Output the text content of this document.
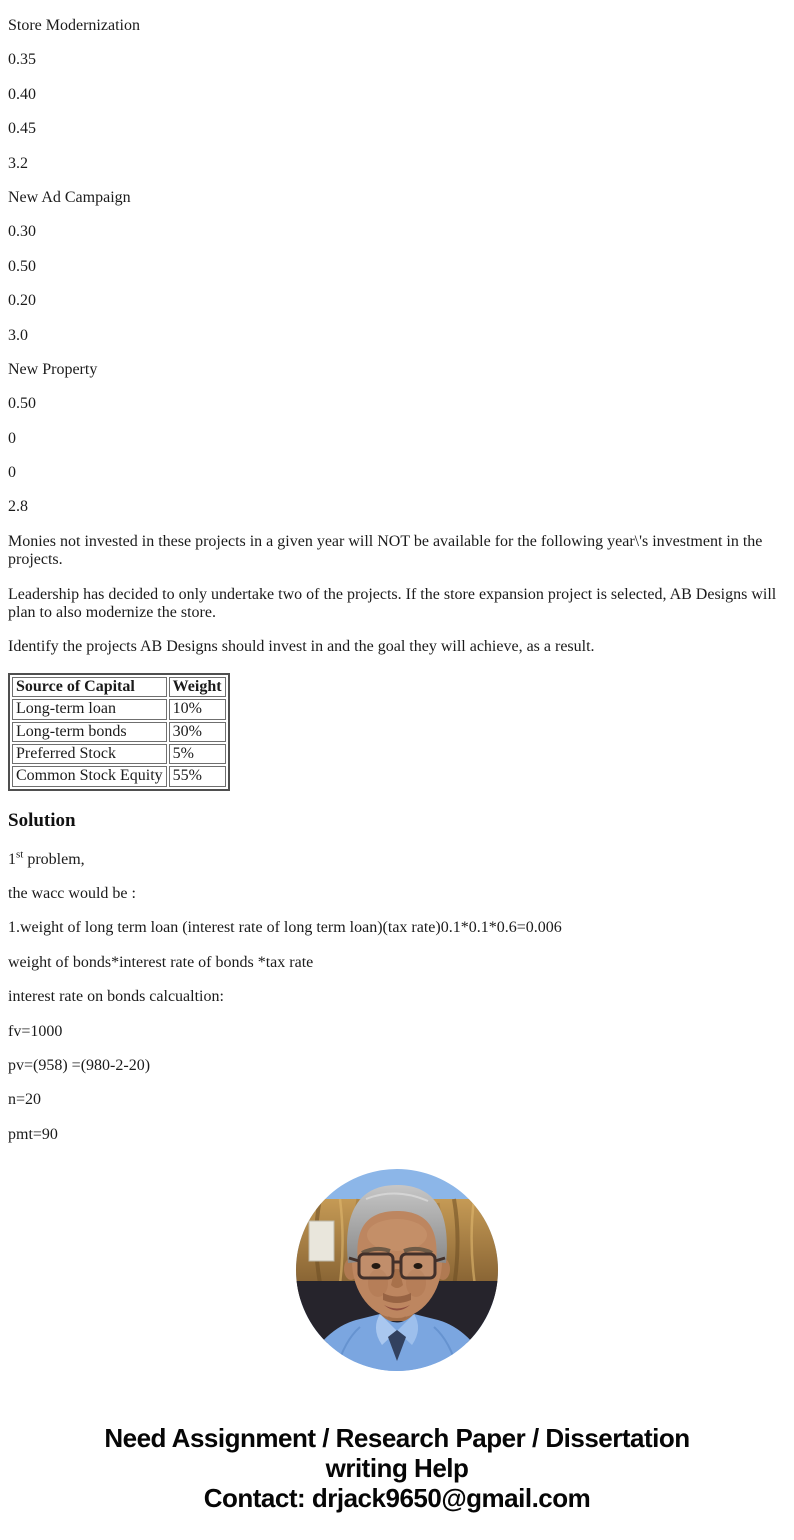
Store Modernization

0.35

0.40

0.45

3.2

New Ad Campaign

0.30

0.50

0.20

3.0

New Property

0.50

0

0

2.8

Monies not invested in these projects in a given year will NOT be available for the following year\'s investment in the projects.

Leadership has decided to only undertake two of the projects. If the store expansion project is selected, AB Designs will plan to also modernize the store.

Identify the projects AB Designs should invest in and the goal they will achieve, as a result.

Source of Capital	Weight
Long-term loan	10%
Long-term bonds	30%
Preferred Stock	5%
Common Stock Equity	55%
Solution

1st problem,

the wacc would be :

1.weight of long term loan (interest rate of long term loan)(tax rate)0.1*0.1*0.6=0.006

weight of bonds*interest rate of bonds *tax rate

interest rate on bonds calcualtion:

fv=1000

pv=(958) =(980-2-20)

n=20

pmt=90

Need Assignment / Research Paper / Dissertation
writing Help
Contact: drjack9650@gmail.com
